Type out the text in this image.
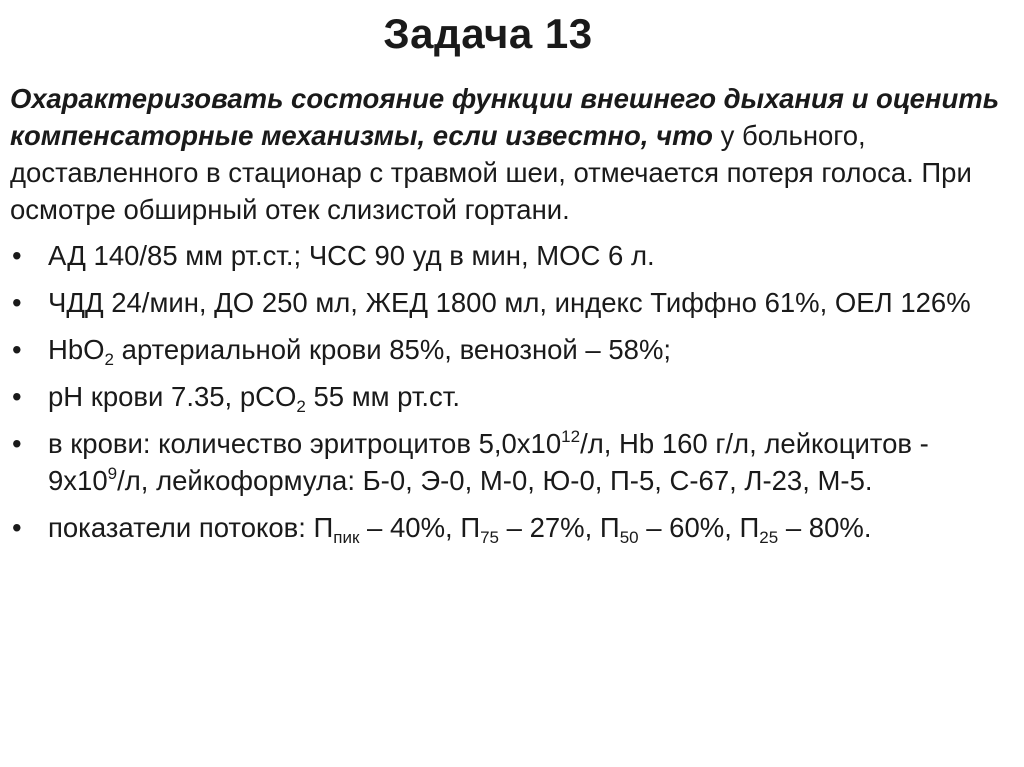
Задача 13

Охарактеризовать состояние функции внешнего дыхания и оценить компенсаторные механизмы, если известно, что у больного, доставленного в стационар с травмой шеи, отмечается потеря голоса. При осмотре обширный отек слизистой гортани.

• АД 140/85 мм рт.ст.; ЧСС 90 уд в мин, МОС 6 л.
• ЧДД 24/мин, ДО 250 мл, ЖЕД 1800 мл, индекс Тиффно 61%, ОЕЛ 126%
• HbO$_2$ артериальной крови 85%, венозной – 58%;
• pH крови 7.35, pCO$_2$ 55 мм рт.ст.
• в крови: количество эритроцитов $5,0х10^{12}/л$, Hb 160 г/л, лейкоцитов - $9х10^9/л$, лейкоформула: Б-0, Э-0, М-0, Ю-0, П-5, С-67, Л-23, М-5.
• показатели потоков: $П_{пик} - 40\%$, $П_{75} - 27\%$, $П_{50} - 60\%$, $П_{25} - 80\%$.
